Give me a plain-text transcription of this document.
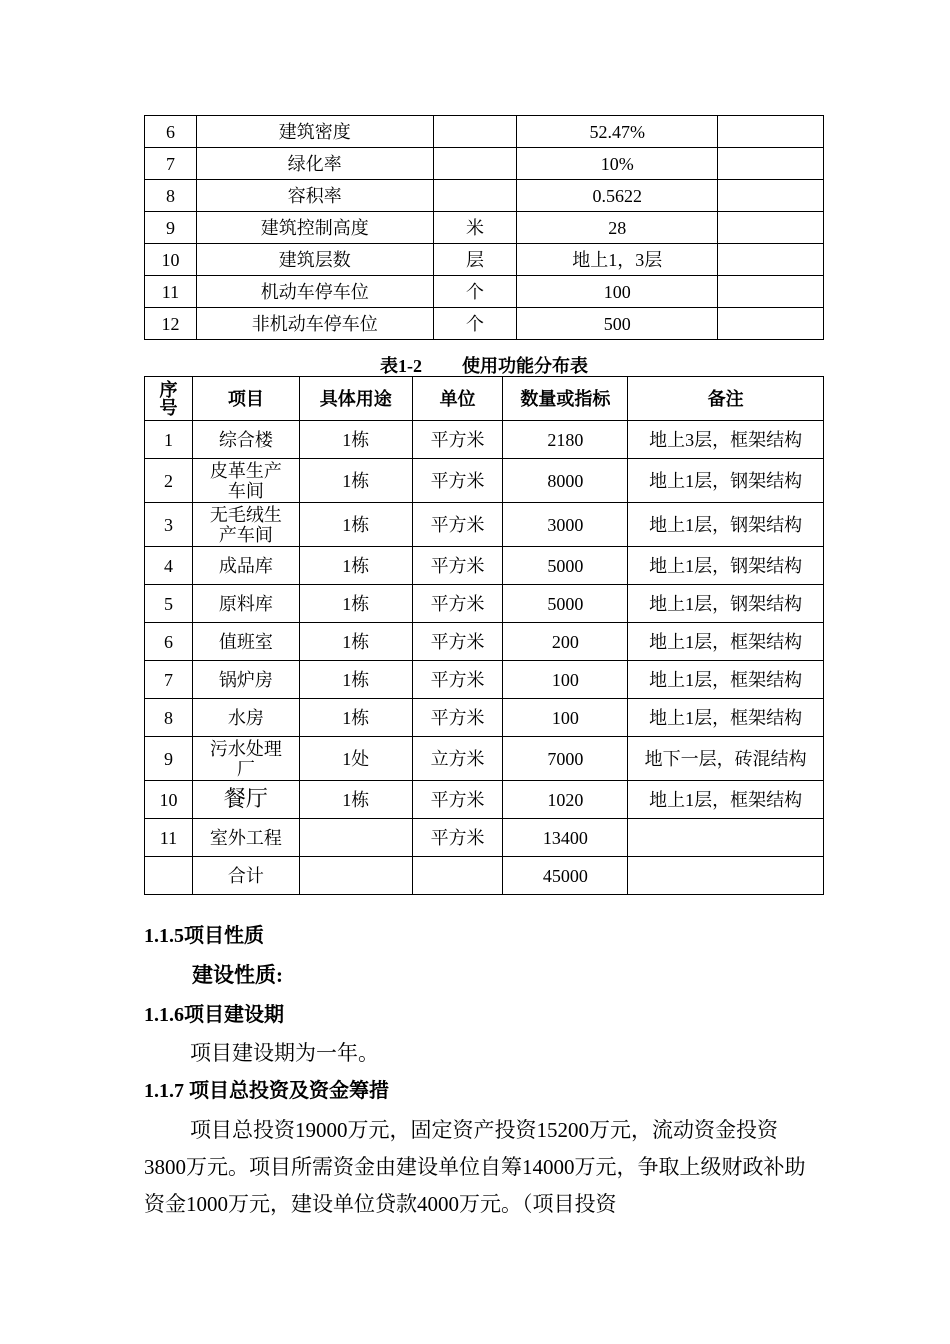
6	建筑密度		52.47%	
7	绿化率		10%	
8	容积率		0.5622	
9	建筑控制高度	米	28	
10	建筑层数	层	地上1，3层	
11	机动车停车位	个	100	
12	非机动车停车位	个	500	
表1-2 使用功能分布表
序号	项目	具体用途	单位	数量或指标	备注
1	综合楼	1栋	平方米	2180	地上3层，框架结构
2	皮革生产车间	1栋	平方米	8000	地上1层，钢架结构
3	无毛绒生产车间	1栋	平方米	3000	地上1层，钢架结构
4	成品库	1栋	平方米	5000	地上1层，钢架结构
5	原料库	1栋	平方米	5000	地上1层，钢架结构
6	值班室	1栋	平方米	200	地上1层，框架结构
7	锅炉房	1栋	平方米	100	地上1层，框架结构
8	水房	1栋	平方米	100	地上1层，框架结构
9	污水处理厂	1处	立方米	7000	地下一层，砖混结构
10	餐厅	1栋	平方米	1020	地上1层，框架结构
11	室外工程		平方米	13400	
	合计			45000	
1.1.5项目性质
建设性质:
1.1.6项目建设期
项目建设期为一年。
1.1.7 项目总投资及资金筹措
项目总投资19000万元，固定资产投资15200万元，流动资金投资3800万元。项目所需资金由建设单位自筹14000万元，争取上级财政补助资金1000万元，建设单位贷款4000万元。（项目投资
